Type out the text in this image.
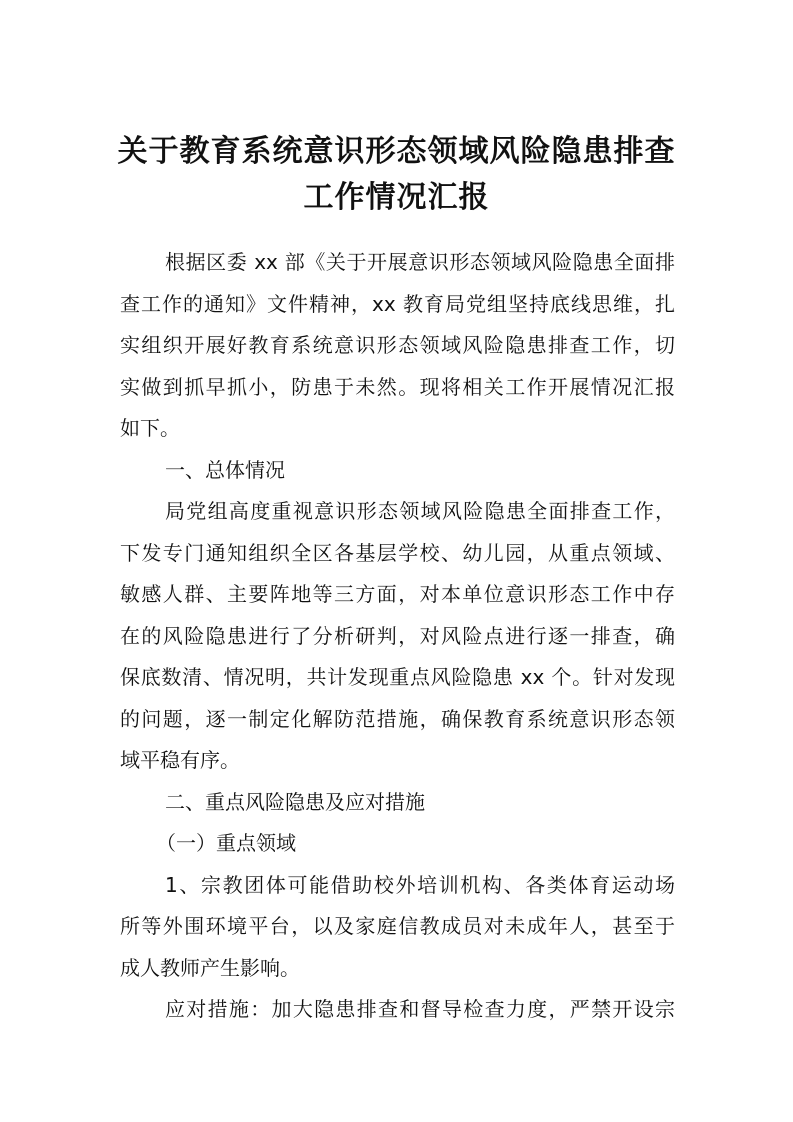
关于教育系统意识形态领域风险隐患排查
工作情况汇报
根据区委 xx 部《关于开展意识形态领域风险隐患全面排
查工作的通知》文件精神，xx 教育局党组坚持底线思维，扎
实组织开展好教育系统意识形态领域风险隐患排查工作，切
实做到抓早抓小，防患于未然。现将相关工作开展情况汇报
如下。
一、总体情况
局党组高度重视意识形态领域风险隐患全面排查工作，
下发专门通知组织全区各基层学校、幼儿园，从重点领域、
敏感人群、主要阵地等三方面，对本单位意识形态工作中存
在的风险隐患进行了分析研判，对风险点进行逐一排查，确
保底数清、情况明，共计发现重点风险隐患 xx 个。针对发现
的问题，逐一制定化解防范措施，确保教育系统意识形态领
域平稳有序。
二、重点风险隐患及应对措施
（一）重点领域
1、宗教团体可能借助校外培训机构、各类体育运动场
所等外围环境平台，以及家庭信教成员对未成年人，甚至于
成人教师产生影响。
应对措施：加大隐患排查和督导检查力度，严禁开设宗
